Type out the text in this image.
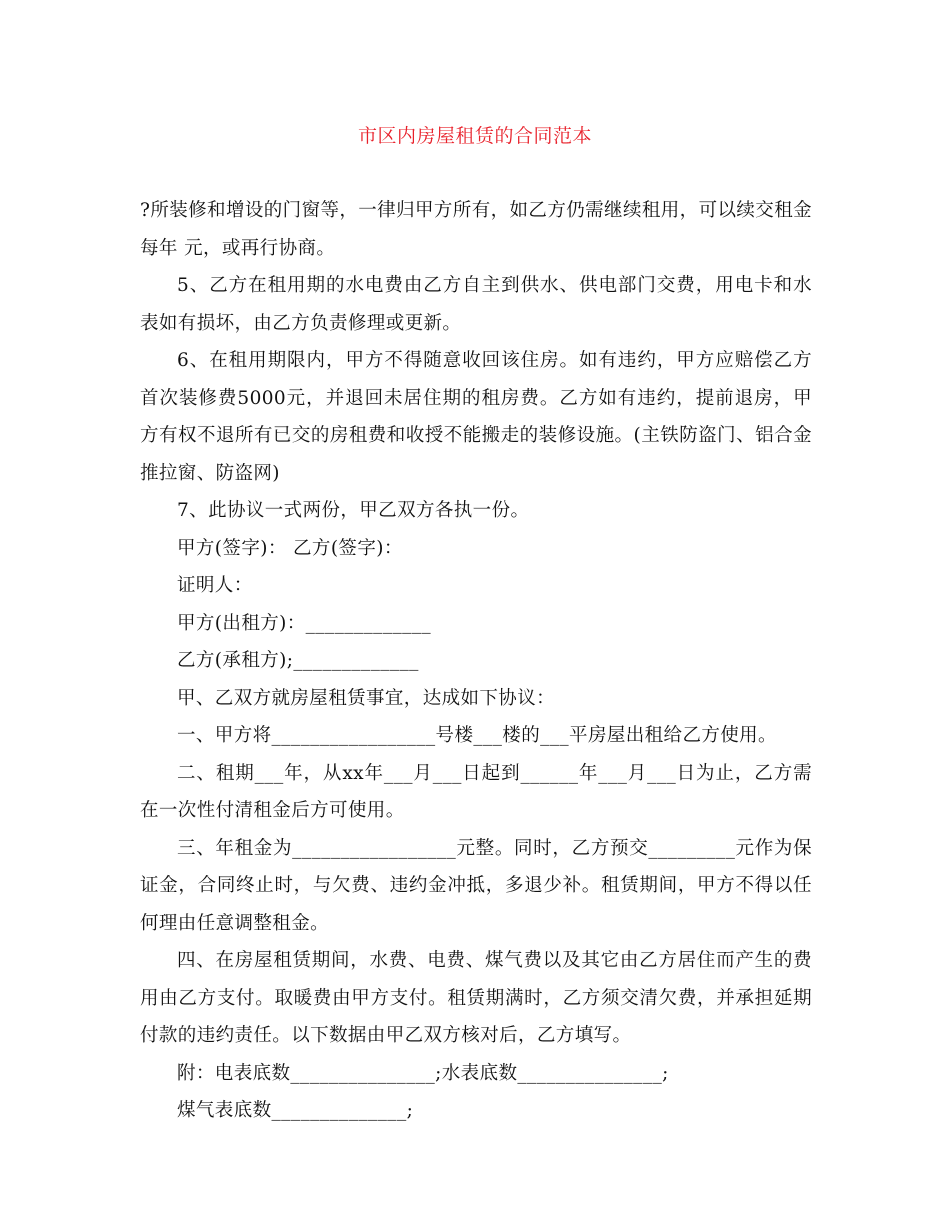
市区内房屋租赁的合同范本

?所装修和增设的门窗等，一律归甲方所有，如乙方仍需继续租用，可以续交租金每年 元，或再行协商。

5、乙方在租用期的水电费由乙方自主到供水、供电部门交费，用电卡和水表如有损坏，由乙方负责修理或更新。

6、在租用期限内，甲方不得随意收回该住房。如有违约，甲方应赔偿乙方首次装修费5000元，并退回未居住期的租房费。乙方如有违约，提前退房，甲方有权不退所有已交的房租费和收授不能搬走的装修设施。(主铁防盗门、铝合金推拉窗、防盗网)

7、此协议一式两份，甲乙双方各执一份。

甲方(签字)： 乙方(签字)：

证明人：

甲方(出租方)：_____________

乙方(承租方);_____________

甲、乙双方就房屋租赁事宜，达成如下协议：

一、甲方将_________________号楼___楼的___平房屋出租给乙方使用。

二、租期___年，从xx年___月___日起到______年___月___日为止，乙方需在一次性付清租金后方可使用。

三、年租金为_________________元整。同时，乙方预交_________元作为保证金，合同终止时，与欠费、违约金冲抵，多退少补。租赁期间，甲方不得以任何理由任意调整租金。

四、在房屋租赁期间，水费、电费、煤气费以及其它由乙方居住而产生的费用由乙方支付。取暖费由甲方支付。租赁期满时，乙方须交清欠费，并承担延期付款的违约责任。以下数据由甲乙双方核对后，乙方填写。

附：电表底数_______________;水表底数_______________;

煤气表底数______________;
